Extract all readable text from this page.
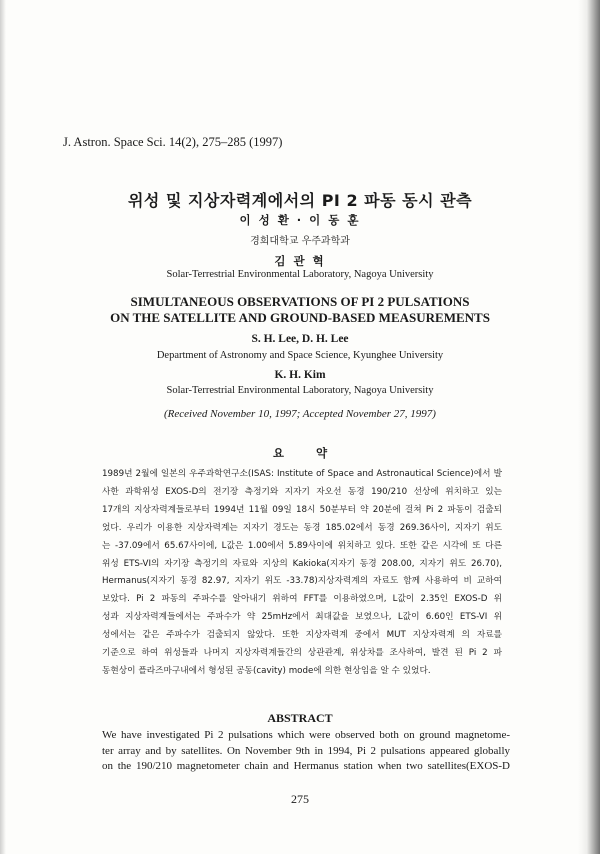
J. Astron. Space Sci. 14(2), 275–285 (1997)
위성 및 지상자력계에서의 PI 2 파동 동시 관측
이 성 환 · 이 동 훈
경희대학교 우주과학과
김 관 혁
Solar-Terrestrial Environmental Laboratory, Nagoya University
SIMULTANEOUS OBSERVATIONS OF PI 2 PULSATIONS
ON THE SATELLITE AND GROUND-BASED MEASUREMENTS
S. H. Lee, D. H. Lee
Department of Astronomy and Space Science, Kyunghee University
K. H. Kim
Solar-Terrestrial Environmental Laboratory, Nagoya University
(Received November 10, 1997; Accepted November 27, 1997)
요약
1989년 2월에 일본의 우주과학연구소(ISAS: Institute of Space and Astronautical Science)에서 발
사한 과학위성 EXOS-D의 전기장 측정기와 지자기 자오선 동경 190/210 선상에 위치하고 있는
17개의 지상자력계들로부터 1994년 11월 09일 18시 50분부터 약 20분에 걸쳐 Pi 2 파동이 검출되
었다. 우리가 이용한 지상자력계는 지자기 경도는 동경 185.02에서 동경 269.36사이, 지자기 위도
는 -37.09에서 65.67사이에, L값은 1.00에서 5.89사이에 위치하고 있다. 또한 같은 시각에 또 다른
위성 ETS-VI의 자기장 측정기의 자료와 지상의 Kakioka(지자기 동경 208.00, 지자기 위도 26.70),
Hermanus(지자기 동경 82.97, 지자기 위도 -33.78)지상자력계의 자료도 함께 사용하여 비 교하여
보았다. Pi 2 파동의 주파수를 알아내기 위하여 FFT를 이용하였으며, L값이 2.35인 EXOS-D 위
성과 지상자력계들에서는 주파수가 약 25mHz에서 최대값을 보였으나, L값이 6.60인 ETS-VI 위
성에서는 같은 주파수가 검출되지 않았다. 또한 지상자력계 중에서 MUT 지상자력계 의 자료를
기준으로 하여 위성들과 나머지 지상자력계들간의 상관관계, 위상차를 조사하여, 발견 된 Pi 2 파
동현상이 플라즈마구내에서 형성된 공동(cavity) mode에 의한 현상임을 알 수 있었다.
ABSTRACT
We have investigated Pi 2 pulsations which were observed both on ground magnetome-
ter array and by satellites. On November 9th in 1994, Pi 2 pulsations appeared globally
on the 190/210 magnetometer chain and Hermanus station when two satellites(EXOS-D
275
